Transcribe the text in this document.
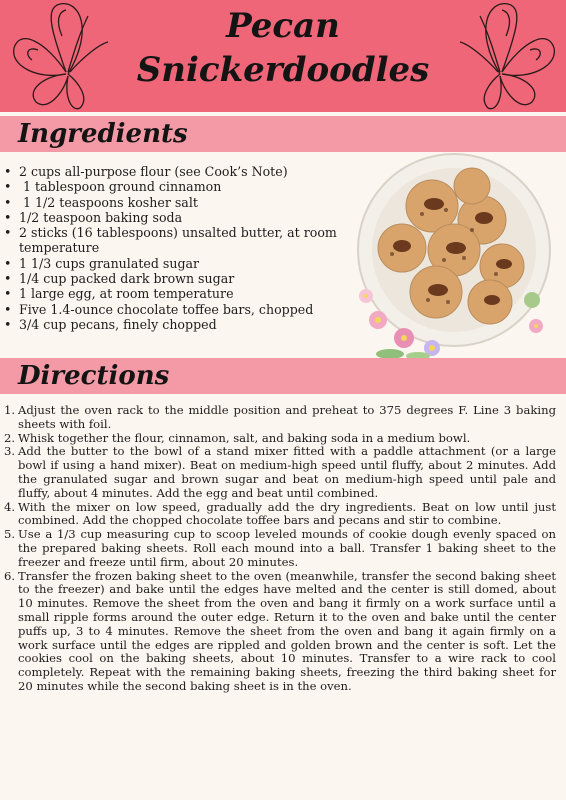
Pecan
Snickerdoodles
Ingredients
• 2 cups all-purpose flour (see Cook’s Note)
• 1 tablespoon ground cinnamon
• 1 1/2 teaspoons kosher salt
• 1/2 teaspoon baking soda
• 2 sticks (16 tablespoons) unsalted butter, at room temperature
• 1 1/3 cups granulated sugar
• 1/4 cup packed dark brown sugar
• 1 large egg, at room temperature
• Five 1.4-ounce chocolate toffee bars, chopped
• 3/4 cup pecans, finely chopped
Directions
1. Adjust the oven rack to the middle position and preheat to 375 degrees F. Line 3 baking sheets with foil.
2. Whisk together the flour, cinnamon, salt, and baking soda in a medium bowl.
3. Add the butter to the bowl of a stand mixer fitted with a paddle attachment (or a large bowl if using a hand mixer). Beat on medium-high speed until fluffy, about 2 minutes. Add the granulated sugar and brown sugar and beat on medium-high speed until pale and fluffy, about 4 minutes. Add the egg and beat until combined.
4. With the mixer on low speed, gradually add the dry ingredients. Beat on low until just combined. Add the chopped chocolate toffee bars and pecans and stir to combine.
5. Use a 1/3 cup measuring cup to scoop leveled mounds of cookie dough evenly spaced on the prepared baking sheets. Roll each mound into a ball. Transfer 1 baking sheet to the freezer and freeze until firm, about 20 minutes.
6. Transfer the frozen baking sheet to the oven (meanwhile, transfer the second baking sheet to the freezer) and bake until the edges have melted and the center is still domed, about 10 minutes. Remove the sheet from the oven and bang it firmly on a work surface until a small ripple forms around the outer edge. Return it to the oven and bake until the center puffs up, 3 to 4 minutes. Remove the sheet from the oven and bang it again firmly on a work surface until the edges are rippled and golden brown and the center is soft. Let the cookies cool on the baking sheets, about 10 minutes. Transfer to a wire rack to cool completely. Repeat with the remaining baking sheets, freezing the third baking sheet for 20 minutes while the second baking sheet is in the oven.
